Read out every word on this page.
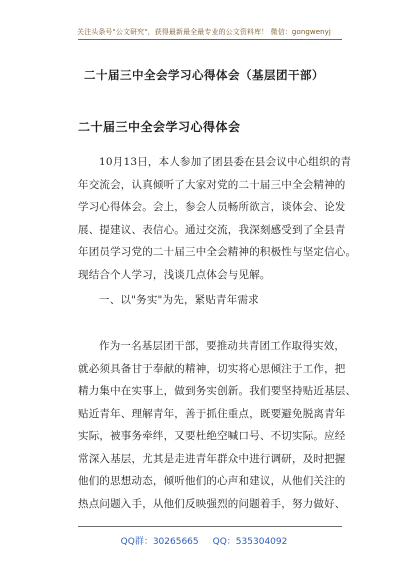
关注头条号"公文研究"，获得最新最全最专业的公文资料库！ 微信：gongwenyj
二十届三中全会学习心得体会（基层团干部）
二十届三中全会学习心得体会
10月13日，本人参加了团县委在县会议中心组织的青
年交流会，认真倾听了大家对党的二十届三中全会精神的
学习心得体会。会上，参会人员畅所欲言，谈体会、论发
展、提建议、表信心。通过交流，我深刻感受到了全县青
年团员学习党的二十届三中全会精神的积极性与坚定信心。
现结合个人学习，浅谈几点体会与见解。
一、以"务实"为先，紧贴青年需求
作为一名基层团干部，要推动共青团工作取得实效，
就必须具备甘于奉献的精神，切实将心思倾注于工作，把
精力集中在实事上，做到务实创新。我们要坚持贴近基层、
贴近青年、理解青年，善于抓住重点，既要避免脱离青年
实际，被事务牵绊，又要杜绝空喊口号、不切实际。应经
常深入基层，尤其是走进青年群众中进行调研，及时把握
他们的思想动态，倾听他们的心声和建议，从他们关注的
热点问题入手，从他们反映强烈的问题着手，努力做好、
QQ群：30265665 QQ：535304092
